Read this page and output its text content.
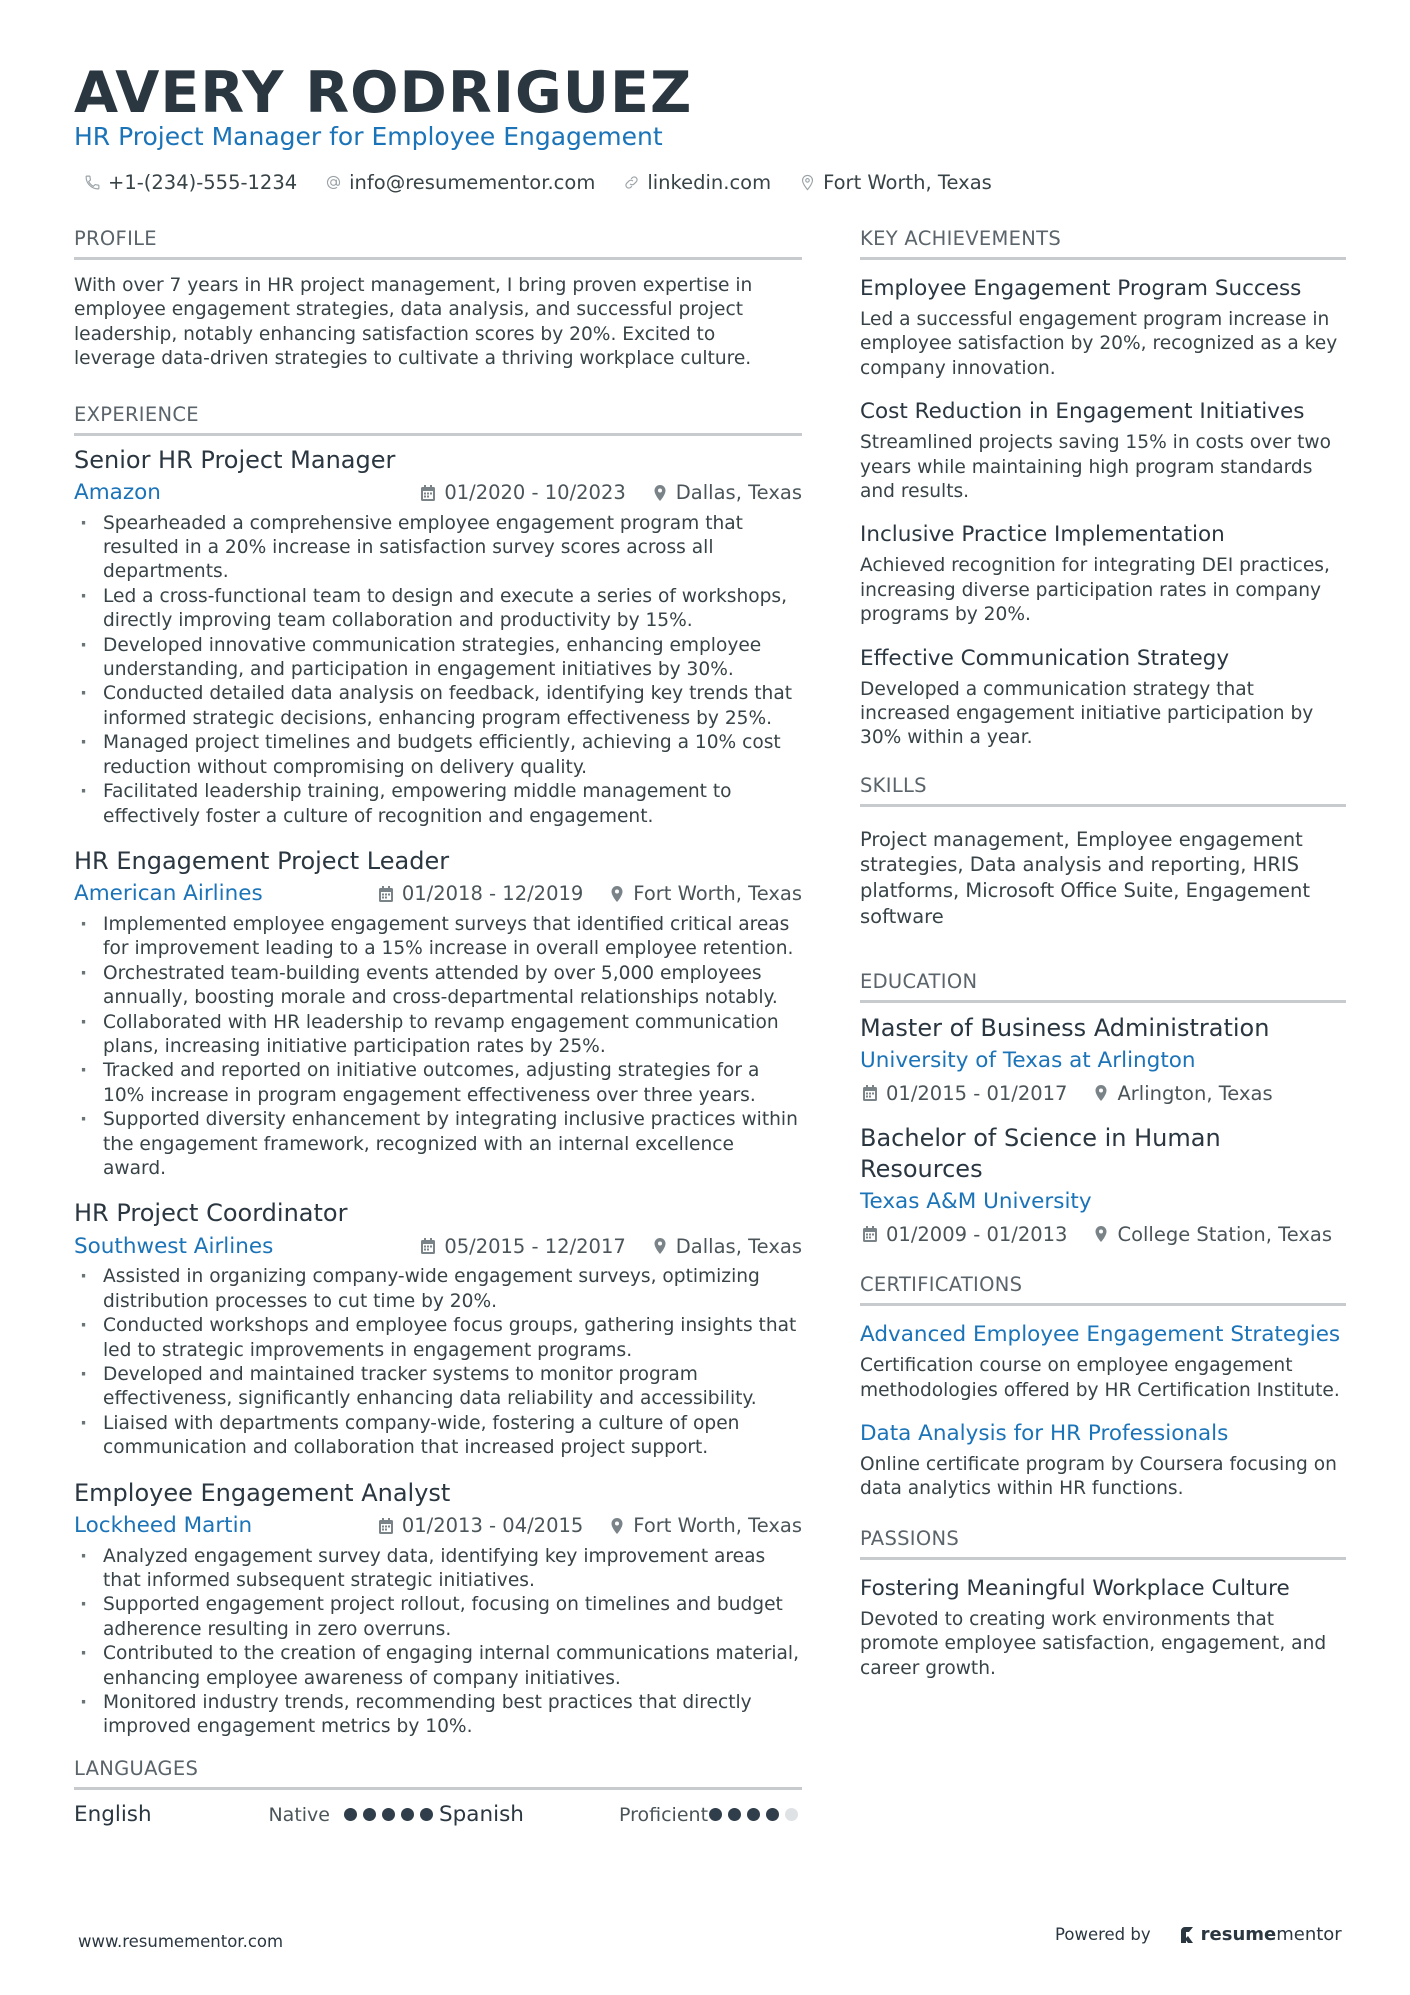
AVERY RODRIGUEZ
HR Project Manager for Employee Engagement
+1-(234)-555-1234	info@resumementor.com	linkedin.com	Fort Worth, Texas
PROFILE
With over 7 years in HR project management, I bring proven expertise in employee engagement strategies, data analysis, and successful project leadership, notably enhancing satisfaction scores by 20%. Excited to leverage data-driven strategies to cultivate a thriving workplace culture.
EXPERIENCE
Senior HR Project Manager
Amazon	01/2020 - 10/2023	Dallas, Texas
· Spearheaded a comprehensive employee engagement program that resulted in a 20% increase in satisfaction survey scores across all departments.
· Led a cross-functional team to design and execute a series of workshops, directly improving team collaboration and productivity by 15%.
· Developed innovative communication strategies, enhancing employee understanding, and participation in engagement initiatives by 30%.
· Conducted detailed data analysis on feedback, identifying key trends that informed strategic decisions, enhancing program effectiveness by 25%.
· Managed project timelines and budgets efficiently, achieving a 10% cost reduction without compromising on delivery quality.
· Facilitated leadership training, empowering middle management to effectively foster a culture of recognition and engagement.
HR Engagement Project Leader
American Airlines	01/2018 - 12/2019	Fort Worth, Texas
· Implemented employee engagement surveys that identified critical areas for improvement leading to a 15% increase in overall employee retention.
· Orchestrated team-building events attended by over 5,000 employees annually, boosting morale and cross-departmental relationships notably.
· Collaborated with HR leadership to revamp engagement communication plans, increasing initiative participation rates by 25%.
· Tracked and reported on initiative outcomes, adjusting strategies for a 10% increase in program engagement effectiveness over three years.
· Supported diversity enhancement by integrating inclusive practices within the engagement framework, recognized with an internal excellence award.
HR Project Coordinator
Southwest Airlines	05/2015 - 12/2017	Dallas, Texas
· Assisted in organizing company-wide engagement surveys, optimizing distribution processes to cut time by 20%.
· Conducted workshops and employee focus groups, gathering insights that led to strategic improvements in engagement programs.
· Developed and maintained tracker systems to monitor program effectiveness, significantly enhancing data reliability and accessibility.
· Liaised with departments company-wide, fostering a culture of open communication and collaboration that increased project support.
Employee Engagement Analyst
Lockheed Martin	01/2013 - 04/2015	Fort Worth, Texas
· Analyzed engagement survey data, identifying key improvement areas that informed subsequent strategic initiatives.
· Supported engagement project rollout, focusing on timelines and budget adherence resulting in zero overruns.
· Contributed to the creation of engaging internal communications material, enhancing employee awareness of company initiatives.
· Monitored industry trends, recommending best practices that directly improved engagement metrics by 10%.
LANGUAGES
English	Native	Spanish	Proficient
KEY ACHIEVEMENTS
Employee Engagement Program Success
Led a successful engagement program increase in employee satisfaction by 20%, recognized as a key company innovation.
Cost Reduction in Engagement Initiatives
Streamlined projects saving 15% in costs over two years while maintaining high program standards and results.
Inclusive Practice Implementation
Achieved recognition for integrating DEI practices, increasing diverse participation rates in company programs by 20%.
Effective Communication Strategy
Developed a communication strategy that increased engagement initiative participation by 30% within a year.
SKILLS
Project management, Employee engagement strategies, Data analysis and reporting, HRIS platforms, Microsoft Office Suite, Engagement software
EDUCATION
Master of Business Administration
University of Texas at Arlington
01/2015 - 01/2017	Arlington, Texas
Bachelor of Science in Human Resources
Texas A&M University
01/2009 - 01/2013	College Station, Texas
CERTIFICATIONS
Advanced Employee Engagement Strategies
Certification course on employee engagement methodologies offered by HR Certification Institute.
Data Analysis for HR Professionals
Online certificate program by Coursera focusing on data analytics within HR functions.
PASSIONS
Fostering Meaningful Workplace Culture
Devoted to creating work environments that promote employee satisfaction, engagement, and career growth.
www.resumementor.com	Powered by	resume mentor
